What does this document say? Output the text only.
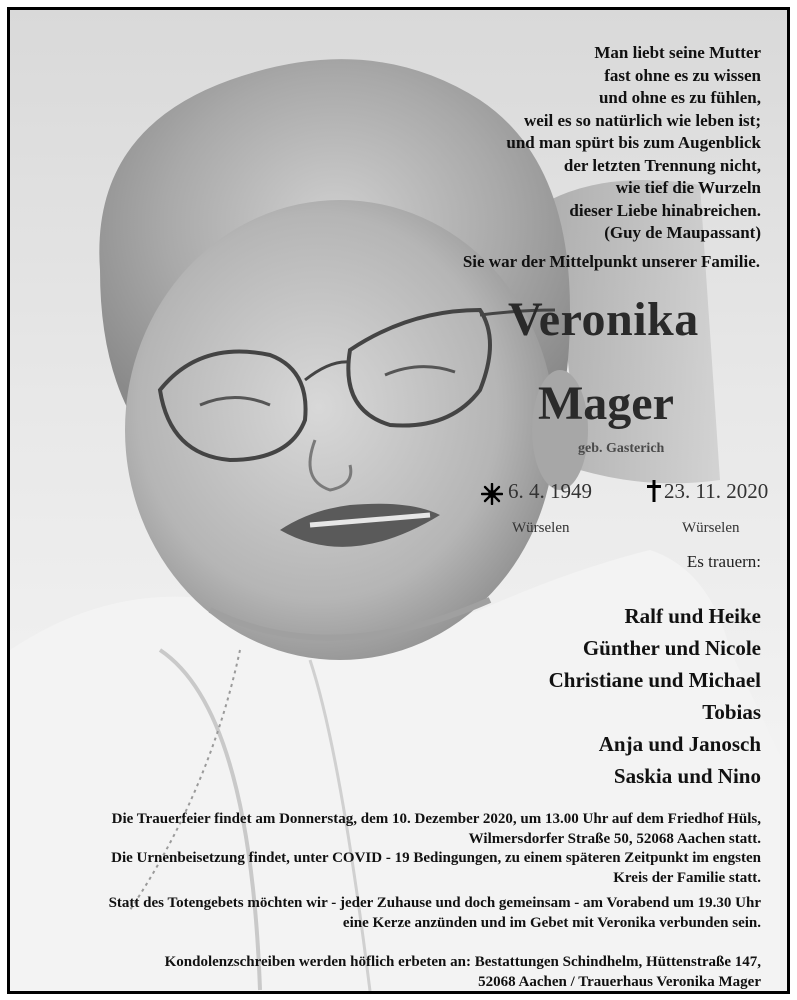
Man liebt seine Mutter
fast ohne es zu wissen
und ohne es zu fühlen,
weil es so natürlich wie leben ist;
und man spürt bis zum Augenblick
der letzten Trennung nicht,
wie tief die Wurzeln
dieser Liebe hinabreichen.
(Guy de Maupassant)

Sie war der Mittelpunkt unserer Familie.

Veronika

Mager

geb. Gasterich

6. 4. 1949	23. 11. 2020

Würselen	Würselen

Es trauern:

Ralf und Heike
Günther und Nicole
Christiane und Michael
Tobias
Anja und Janosch
Saskia und Nino

Die Trauerfeier findet am Donnerstag, dem 10. Dezember 2020, um 13.00 Uhr auf dem Friedhof Hüls,
Wilmersdorfer Straße 50, 52068 Aachen statt.
Die Urnenbeisetzung findet, unter COVID - 19 Bedingungen, zu einem späteren Zeitpunkt im engsten
Kreis der Familie statt.

Statt des Totengebets möchten wir - jeder Zuhause und doch gemeinsam - am Vorabend um 19.30 Uhr
eine Kerze anzünden und im Gebet mit Veronika verbunden sein.

Kondolenzschreiben werden höflich erbeten an: Bestattungen Schindhelm, Hüttenstraße 147,
52068 Aachen / Trauerhaus Veronika Mager
